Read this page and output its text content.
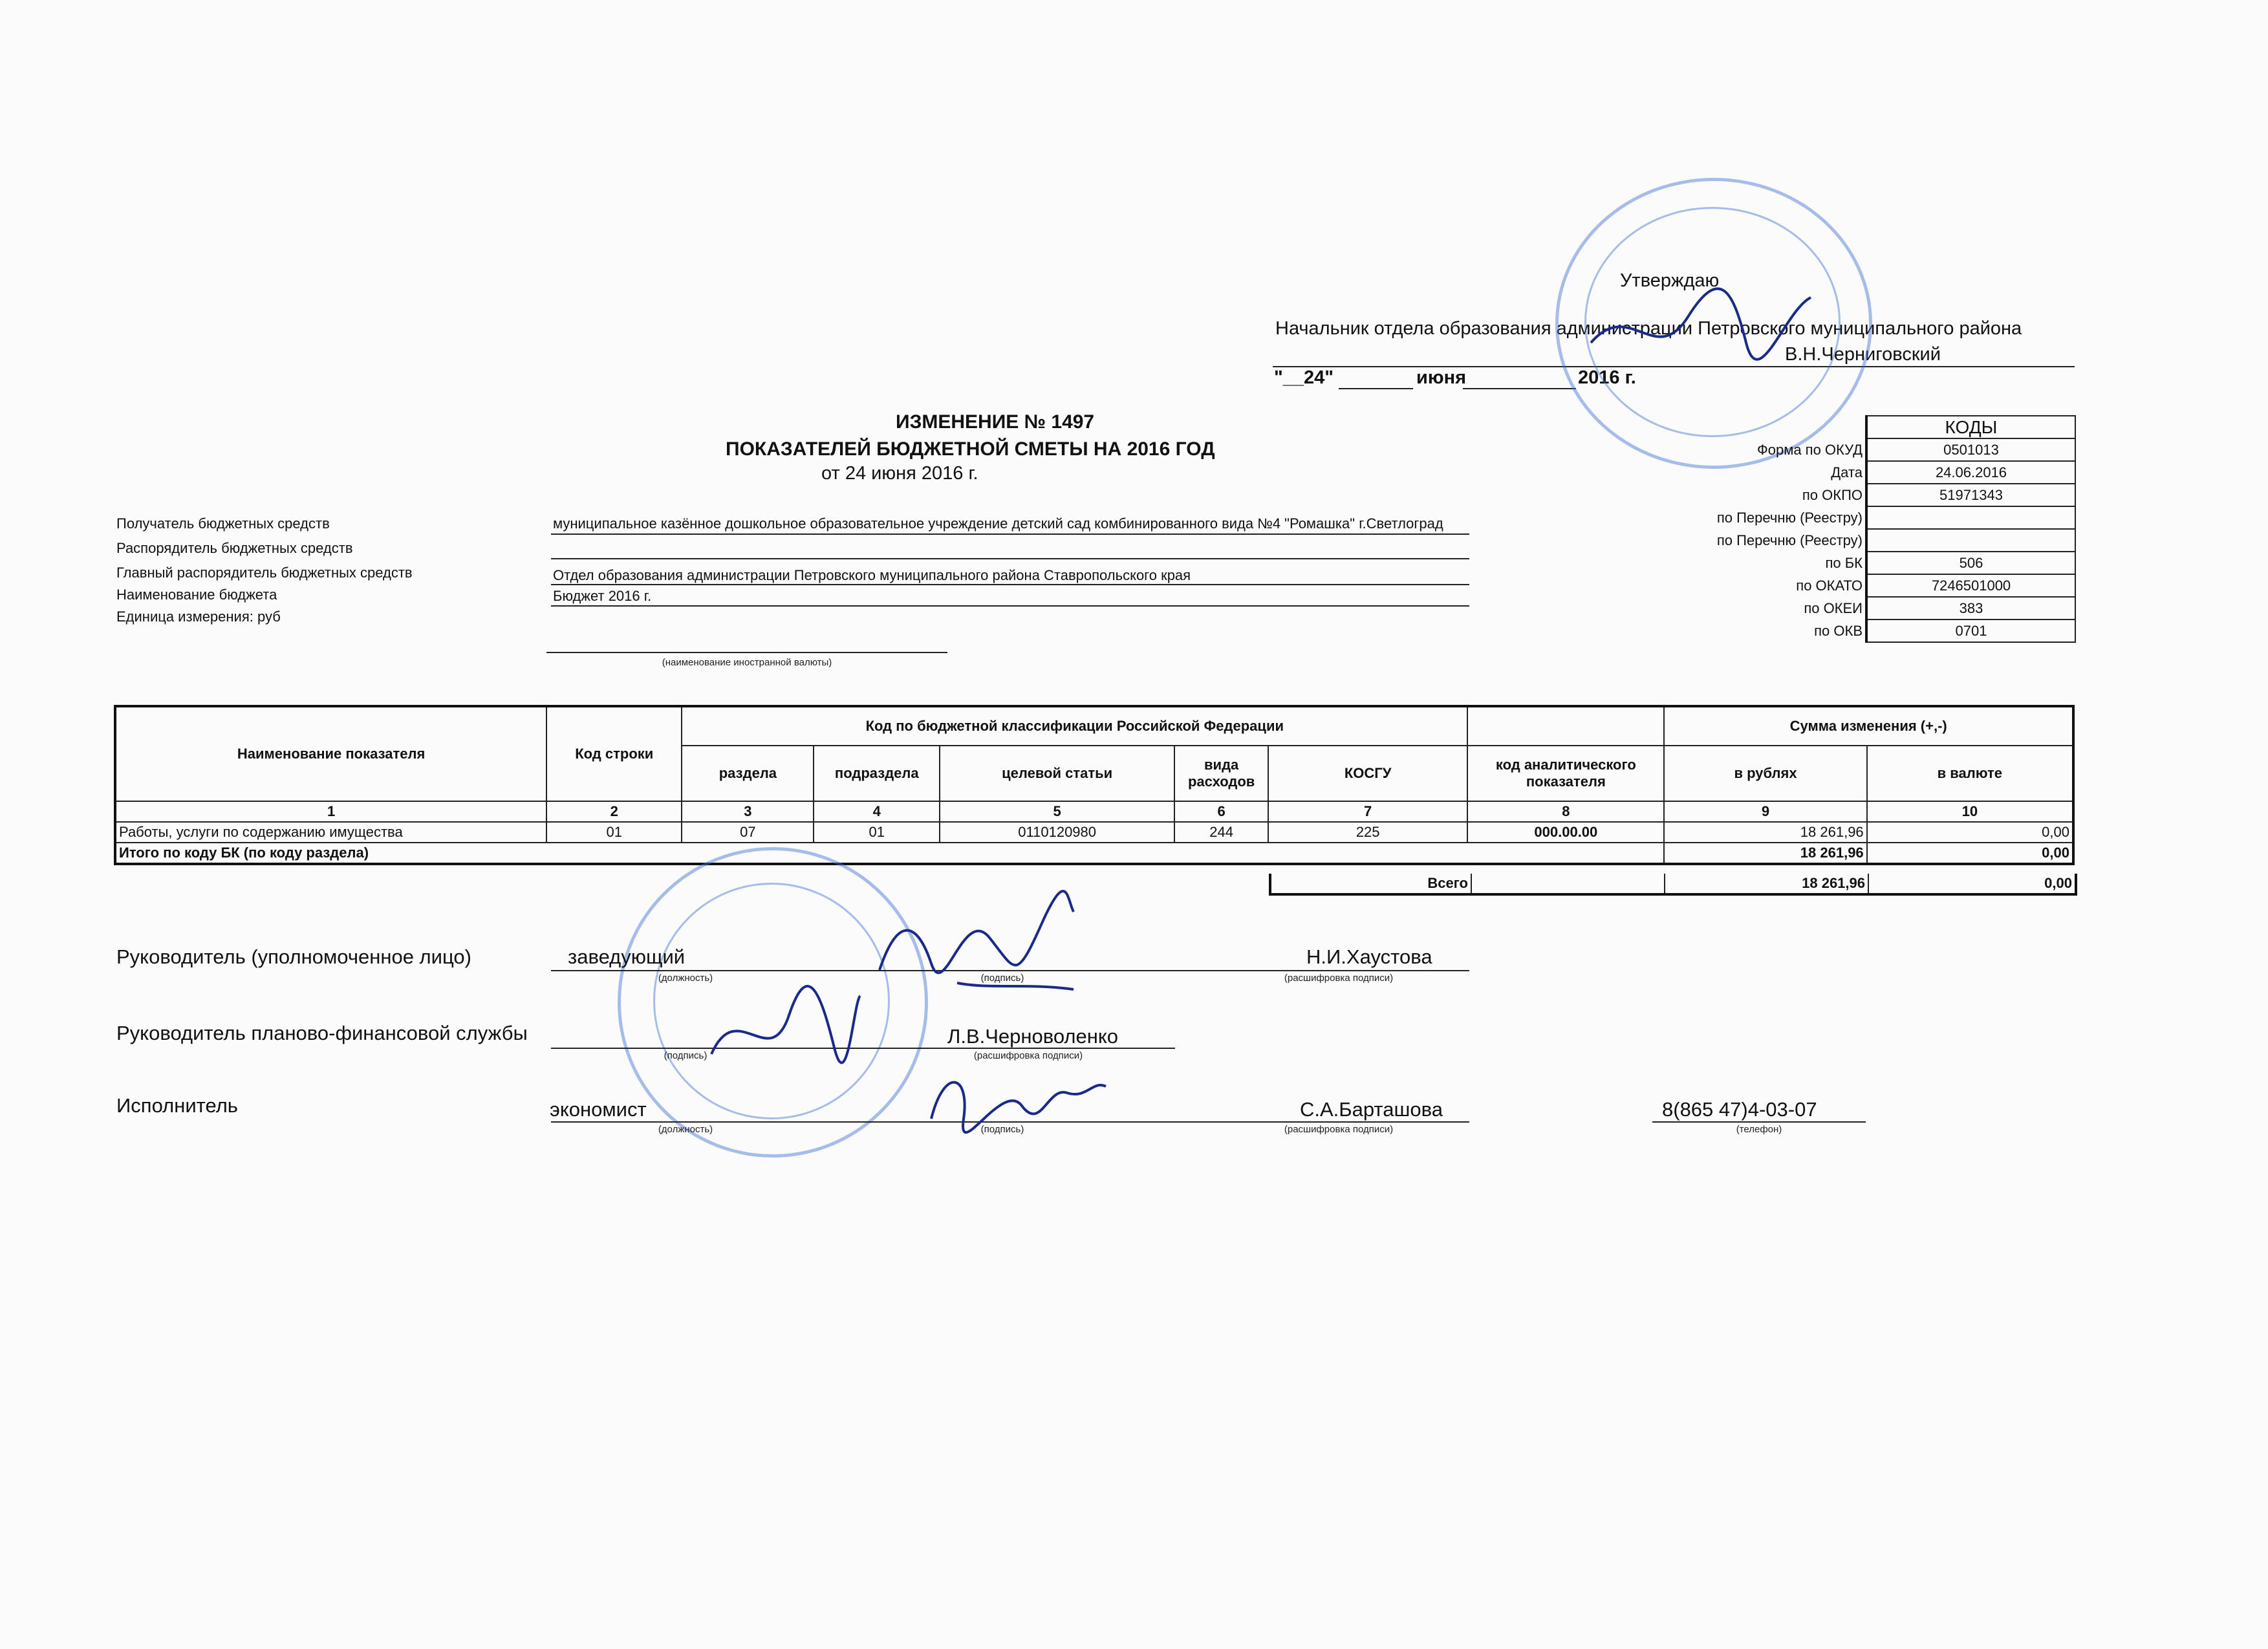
Утверждаю
Начальник отдела образования администрации Петровского муниципального района
В.Н.Черниговский
"__24"	июня	2016 г.
ИЗМЕНЕНИЕ № 1497
ПОКАЗАТЕЛЕЙ БЮДЖЕТНОЙ СМЕТЫ НА 2016 ГОД
от 24 июня 2016 г.
	КОДЫ
Форма по ОКУД	0501013
Дата	24.06.2016
по ОКПО	51971343
по Перечню (Реестру)	
по Перечню (Реестру)	
по БК	506
по ОКАТО	7246501000
по ОКЕИ	383
по ОКВ	0701
Получатель бюджетных средств	муниципальное казённое дошкольное образовательное учреждение детский сад комбинированного вида №4 "Ромашка" г.Светлоград
Распорядитель бюджетных средств
Главный распорядитель бюджетных средств	Отдел образования администрации Петровского муниципального района Ставропольского края
Наименование бюджета	Бюджет 2016 г.
Единица измерения: руб
(наименование иностранной валюты)
Наименование показателя	Код строки	Код по бюджетной классификации Российской Федерации						Сумма изменения (+,-)	
		раздела	подраздела	целевой статьи	вида расходов	КОСГУ	код аналитического показателя	в рублях	в валюте
1	2	3	4	5	6	7	8	9	10
Работы, услуги по содержанию имущества	01	07	01	0110120980	244	225	000.00.00	18 261,96	0,00
Итого по коду БК (по коду раздела)								18 261,96	0,00
Всего		18 261,96	0,00
Руководитель (уполномоченное лицо)	заведующий	Н.И.Хаустова
(должность)	(подпись)	(расшифровка подписи)
Руководитель планово-финансовой службы	Л.В.Черноволенко
(подпись)	(расшифровка подписи)
Исполнитель	экономист	С.А.Барташова	8(865 47)4-03-07
(должность)	(подпись)	(расшифровка подписи)	(телефон)
